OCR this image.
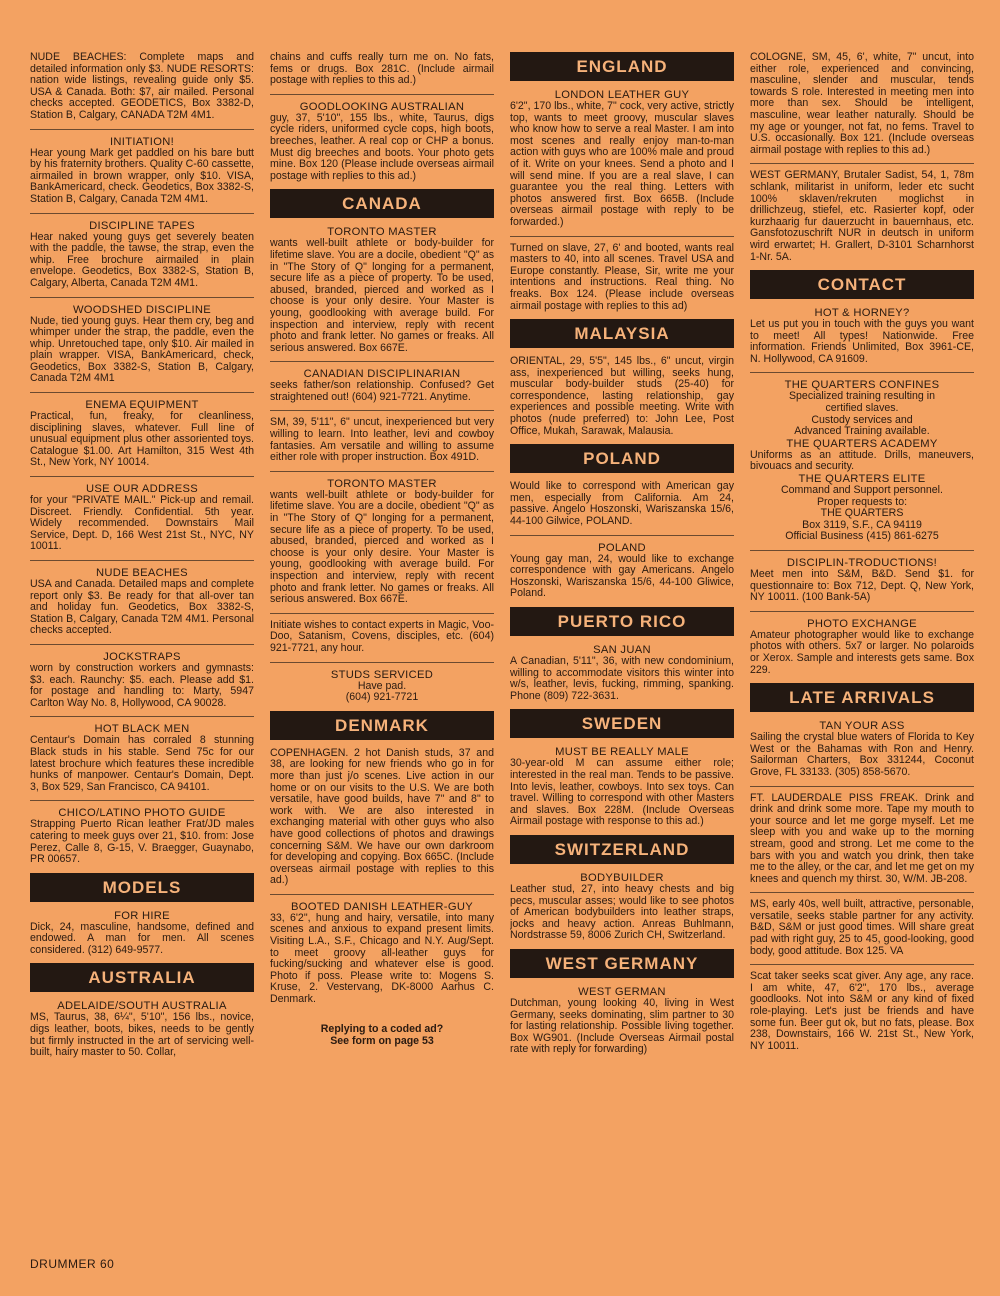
NUDE BEACHES: Complete maps and detailed information only $3. NUDE RESORTS: nation wide listings, revealing guide only $5. USA & Canada. Both: $7, air mailed. Personal checks accepted. GEODETICS, Box 3382-D, Station B, Calgary, CANADA T2M 4M1.
INITIATION!
Hear young Mark get paddled on his bare butt by his fraternity brothers. Quality C-60 cassette, airmailed in brown wrapper, only $10. VISA, BankAmericard, check. Geodetics, Box 3382-S, Station B, Calgary, Canada T2M 4M1.
DISCIPLINE TAPES
Hear naked young guys get severely beaten with the paddle, the tawse, the strap, even the whip. Free brochure airmailed in plain envelope. Geodetics, Box 3382-S, Station B, Calgary, Alberta, Canada T2M 4M1.
WOODSHED DISCIPLINE
Nude, tied young guys. Hear them cry, beg and whimper under the strap, the paddle, even the whip. Unretouched tape, only $10. Air mailed in plain wrapper. VISA, BankAmericard, check, Geodetics, Box 3382-S, Station B, Calgary, Canada T2M 4M1
ENEMA EQUIPMENT
Practical, fun, freaky, for cleanliness, disciplining slaves, whatever. Full line of unusual equipment plus other assoriented toys. Catalogue $1.00. Art Hamilton, 315 West 4th St., New York, NY 10014.
USE OUR ADDRESS
for your "PRIVATE MAIL." Pick-up and remail. Discreet. Friendly. Confidential. 5th year. Widely recommended. Downstairs Mail Service, Dept. D, 166 West 21st St., NYC, NY 10011.
NUDE BEACHES
USA and Canada. Detailed maps and complete report only $3. Be ready for that all-over tan and holiday fun. Geodetics, Box 3382-S, Station B, Calgary, Canada T2M 4M1. Personal checks accepted.
JOCKSTRAPS
worn by construction workers and gymnasts: $3. each. Raunchy: $5. each. Please add $1. for postage and handling to: Marty, 5947 Carlton Way No. 8, Hollywood, CA 90028.
HOT BLACK MEN
Centaur's Domain has corraled 8 stunning Black studs in his stable. Send 75c for our latest brochure which features these incredible hunks of manpower. Centaur's Domain, Dept. 3, Box 529, San Francisco, CA 94101.
CHICO/LATINO PHOTO GUIDE
Strapping Puerto Rican leather Frat/JD males catering to meek guys over 21, $10. from: Jose Perez, Calle 8, G-15, V. Braegger, Guaynabo, PR 00657.
MODELS
FOR HIRE
Dick, 24, masculine, handsome, defined and endowed. A man for men. All scenes considered. (312) 649-9577.
AUSTRALIA
ADELAIDE/SOUTH AUSTRALIA
MS, Taurus, 38, 6¼", 5'10", 156 lbs., novice, digs leather, boots, bikes, needs to be gently but firmly instructed in the art of servicing well-built, hairy master to 50. Collar,
chains and cuffs really turn me on. No fats, fems or drugs. Box 281C. (Include airmail postage with replies to this ad.)
GOODLOOKING AUSTRALIAN
guy, 37, 5'10", 155 lbs., white, Taurus, digs cycle riders, uniformed cycle cops, high boots, breeches, leather. A real cop or CHP a bonus. Must dig breeches and boots. Your photo gets mine. Box 120 (Please include overseas airmail postage with replies to this ad.)
CANADA
TORONTO MASTER
wants well-built athlete or body-builder for lifetime slave. You are a docile, obedient "Q" as in "The Story of Q" longing for a permanent, secure life as a piece of property. To be used, abused, branded, pierced and worked as I choose is your only desire. Your Master is young, goodlooking with average build. For inspection and interview, reply with recent photo and frank letter. No games or freaks. All serious answered. Box 667E.
CANADIAN DISCIPLINARIAN
seeks father/son relationship. Confused? Get straightened out! (604) 921-7721. Anytime.
SM, 39, 5'11", 6" uncut, inexperienced but very willing to learn. Into leather, levi and cowboy fantasies. Am versatile and willing to assume either role with proper instruction. Box 491D.
TORONTO MASTER
wants well-built athlete or body-builder for lifetime slave. You are a docile, obedient "Q" as in "The Story of Q" longing for a permanent, secure life as a piece of property. To be used, abused, branded, pierced and worked as I choose is your only desire. Your Master is young, goodlooking with average build. For inspection and interview, reply with recent photo and frank letter. No games or freaks. All serious answered. Box 667E.
Initiate wishes to contact experts in Magic, Voo-Doo, Satanism, Covens, disciples, etc. (604) 921-7721, any hour.
STUDS SERVICED
Have pad.
(604) 921-7721
DENMARK
COPENHAGEN. 2 hot Danish studs, 37 and 38, are looking for new friends who go in for more than just j/o scenes. Live action in our home or on our visits to the U.S. We are both versatile, have good builds, have 7" and 8" to work with. We are also interested in exchanging material with other guys who also have good collections of photos and drawings concerning S&M. We have our own darkroom for developing and copying. Box 665C. (Include overseas airmail postage with replies to this ad.)
BOOTED DANISH LEATHER-GUY
33, 6'2", hung and hairy, versatile, into many scenes and anxious to expand present limits. Visiting L.A., S.F., Chicago and N.Y. Aug/Sept. to meet groovy all-leather guys for fucking/sucking and whatever else is good. Photo if poss. Please write to: Mogens S. Kruse, 2. Vestervang, DK-8000 Aarhus C. Denmark.
Replying to a coded ad?
See form on page 53
ENGLAND
LONDON LEATHER GUY
6'2", 170 lbs., white, 7" cock, very active, strictly top, wants to meet groovy, muscular slaves who know how to serve a real Master. I am into most scenes and really enjoy man-to-man action with guys who are 100% male and proud of it. Write on your knees. Send a photo and I will send mine. If you are a real slave, I can guarantee you the real thing. Letters with photos answered first. Box 665B. (Include overseas airmail postage with reply to be forwarded.)
Turned on slave, 27, 6' and booted, wants real masters to 40, into all scenes. Travel USA and Europe constantly. Please, Sir, write me your intentions and instructions. Real thing. No freaks. Box 124. (Please include overseas airmail postage with replies to this ad)
MALAYSIA
ORIENTAL, 29, 5'5", 145 lbs., 6" uncut, virgin ass, inexperienced but willing, seeks hung, muscular body-builder studs (25-40) for correspondence, lasting relationship, gay experiences and possible meeting. Write with photos (nude preferred) to: John Lee, Post Office, Mukah, Sarawak, Malausia.
POLAND
Would like to correspond with American gay men, especially from California. Am 24, passive. Angelo Hoszonski, Wariszanska 15/6, 44-100 Gilwice, POLAND.
POLAND
Young gay man, 24, would like to exchange correspondence with gay Americans. Angelo Hoszonski, Wariszanska 15/6, 44-100 Gliwice, Poland.
PUERTO RICO
SAN JUAN
A Canadian, 5'11", 36, with new condominium, willing to accommodate visitors this winter into w/s, leather, levis, fucking, rimming, spanking. Phone (809) 722-3631.
SWEDEN
MUST BE REALLY MALE
30-year-old M can assume either role; interested in the real man. Tends to be passive. Into levis, leather, cowboys. Into sex toys. Can travel. Willing to correspond with other Masters and slaves. Box 228M. (Include Overseas Airmail postage with response to this ad.)
SWITZERLAND
BODYBUILDER
Leather stud, 27, into heavy chests and big pecs, muscular asses; would like to see photos of American bodybuilders into leather straps, jocks and heavy action. Anreas Buhlmann, Nordstrasse 59, 8006 Zurich CH, Switzerland.
WEST GERMANY
WEST GERMAN
Dutchman, young looking 40, living in West Germany, seeks dominating, slim partner to 30 for lasting relationship. Possible living together. Box WG901. (Include Overseas Airmail postal rate with reply for forwarding)
COLOGNE, SM, 45, 6', white, 7" uncut, into either role, experienced and convincing, masculine, slender and muscular, tends towards S role. Interested in meeting men into more than sex. Should be intelligent, masculine, wear leather naturally. Should be my age or younger, not fat, no fems. Travel to U.S. occasionally. Box 121. (Include overseas airmail postage with replies to this ad.)
WEST GERMANY, Brutaler Sadist, 54, 1, 78m schlank, militarist in uniform, leder etc sucht 100% sklaven/rekruten moglichst in drillichzeug, stiefel, etc. Rasierter kopf, oder kurzhaarig fur dauerzucht in bauernhaus, etc. Gansfotozuschrift NUR in deutsch in uniform wird erwartet; H. Grallert, D-3101 Scharnhorst 1-Nr. 5A.
CONTACT
HOT & HORNEY?
Let us put you in touch with the guys you want to meet! All types! Nationwide. Free information. Friends Unlimited, Box 3961-CE, N. Hollywood, CA 91609.
THE QUARTERS CONFINES
Specialized training resulting in
certified slaves.
Custody services and
Advanced Training available.
THE QUARTERS ACADEMY
Uniforms as an attitude. Drills, maneuvers, bivouacs and security.
THE QUARTERS ELITE
Command and Support personnel.
Proper requests to:
THE QUARTERS
Box 3119, S.F., CA 94119
Official Business (415) 861-6275
DISCIPLIN-TRODUCTIONS!
Meet men into S&M, B&D. Send $1. for questionnaire to: Box 712, Dept. Q, New York, NY 10011. (100 Bank-5A)
PHOTO EXCHANGE
Amateur photographer would like to exchange photos with others. 5x7 or larger. No polaroids or Xerox. Sample and interests gets same. Box 229.
LATE ARRIVALS
TAN YOUR ASS
Sailing the crystal blue waters of Florida to Key West or the Bahamas with Ron and Henry. Sailorman Charters, Box 331244, Coconut Grove, FL 33133. (305) 858-5670.
FT. LAUDERDALE PISS FREAK. Drink and drink and drink some more. Tape my mouth to your source and let me gorge myself. Let me sleep with you and wake up to the morning stream, good and strong. Let me come to the bars with you and watch you drink, then take me to the alley, or the car, and let me get on my knees and quench my thirst. 30, W/M. JB-208.
MS, early 40s, well built, attractive, personable, versatile, seeks stable partner for any activity. B&D, S&M or just good times. Will share great pad with right guy, 25 to 45, good-looking, good body, good attitude. Box 125. VA
Scat taker seeks scat giver. Any age, any race. I am white, 47, 6'2", 170 lbs., average goodlooks. Not into S&M or any kind of fixed role-playing. Let's just be friends and have some fun. Beer gut ok, but no fats, please. Box 238, Downstairs, 166 W. 21st St., New York, NY 10011.
DRUMMER 60
